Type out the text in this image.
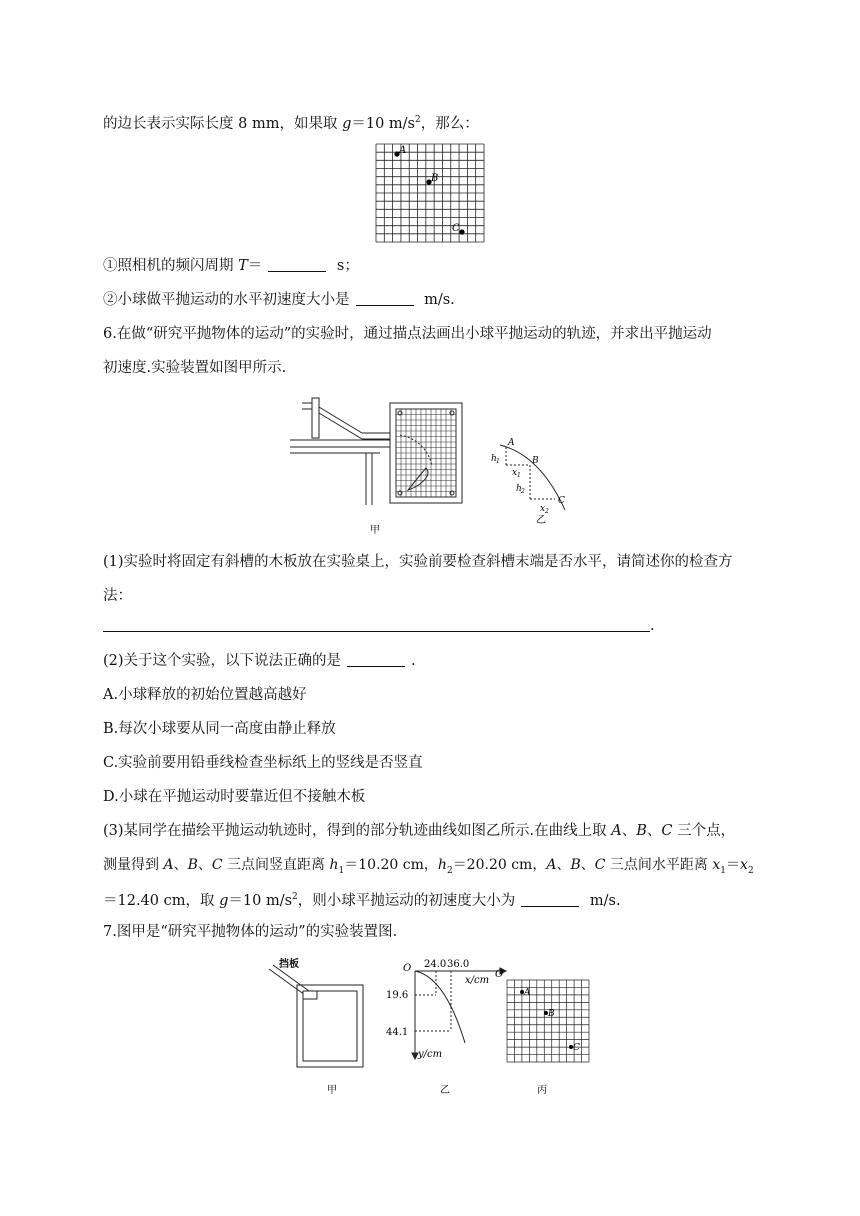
的边长表示实际长度 8 mm，如果取 g＝10 $m/s^2$，那么：
A
B
C
①照相机的频闪周期 T＝	s；
②小球做平抛运动的水平初速度大小是	m/s.
6.在做“研究平抛物体的运动”的实验时，通过描点法画出小球平抛运动的轨迹，并求出平抛运动
初速度.实验装置如图甲所示.
甲
A
B
C
h 1
x 1
h 2
x 2
乙
(1)实验时将固定有斜槽的木板放在实验桌上，实验前要检查斜槽末端是否水平，请简述你的检查方
法：
.
(2)关于这个实验，以下说法正确的是	.
A.小球释放的初始位置越高越好
B.每次小球要从同一高度由静止释放
C.实验前要用铅垂线检查坐标纸上的竖线是否竖直
D.小球在平抛运动时要靠近但不接触木板
(3)某同学在描绘平抛运动轨迹时，得到的部分轨迹曲线如图乙所示.在曲线上取 A、B、C 三个点，
测量得到 A、B、C 三点间竖直距离 $h_1=10.20$ cm，$h_2=20.20$ cm，A、B、C 三点间水平距离 $x_1=x_2$
＝12.40 cm，取 g＝10 $m/s^2$，则小球平抛运动的初速度大小为	m/s.
7.图甲是“研究平抛物体的运动”的实验装置图.
挡板
甲
O 24.0 36.0
x/cm
19.6
44.1
y/cm
乙
O
A
B
C
丙
